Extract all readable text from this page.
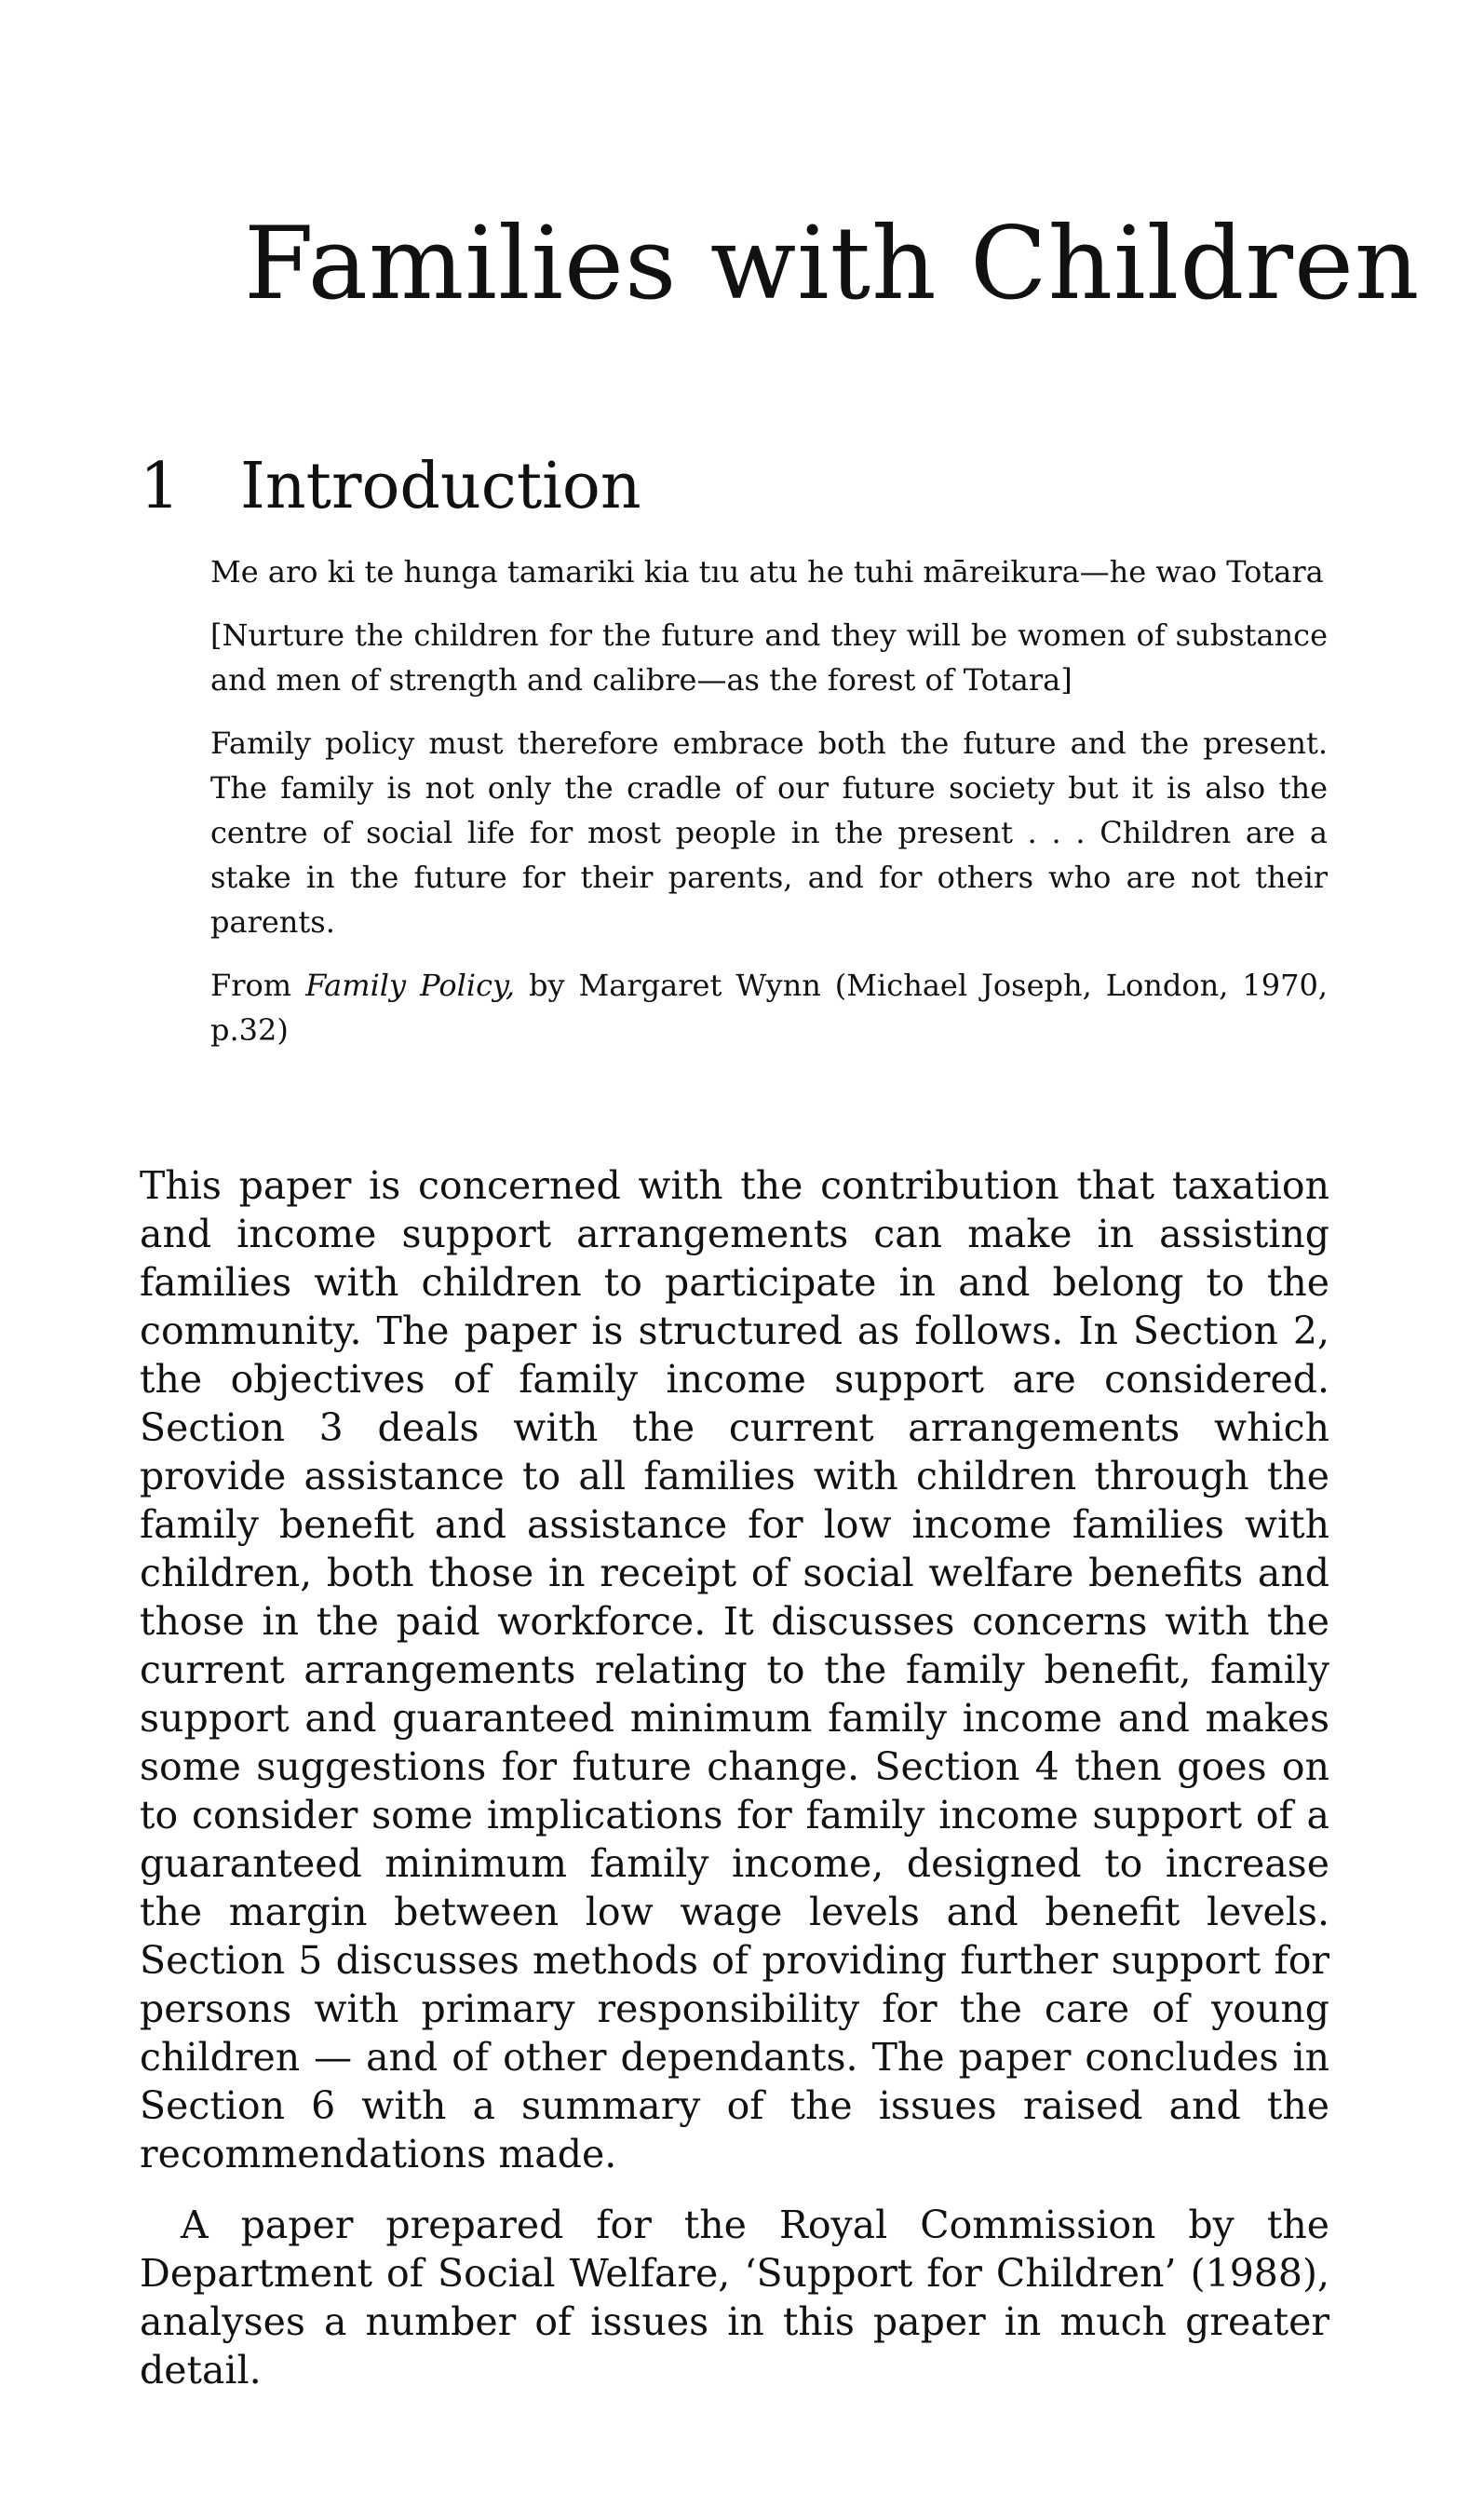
Families with Children
1 Introduction

Me aro ki te hunga tamariki kia tıu atu he tuhi māreikura—he wao Totara

[Nurture the children for the future and they will be women of substance and men of strength and calibre—as the forest of Totara]

Family policy must therefore embrace both the future and the present. The family is not only the cradle of our future society but it is also the centre of social life for most people in the present . . . Children are a stake in the future for their parents, and for others who are not their parents.

From Family Policy, by Margaret Wynn (Michael Joseph, London, 1970, p.32)

This paper is concerned with the contribution that taxation and income support arrangements can make in assisting families with children to participate in and belong to the community. The paper is structured as follows. In Section 2, the objectives of family income support are considered. Section 3 deals with the current arrangements which provide assistance to all families with children through the family benefit and assistance for low income families with children, both those in receipt of social welfare benefits and those in the paid workforce. It discusses concerns with the current arrangements relating to the family benefit, family support and guaranteed minimum family income and makes some suggestions for future change. Section 4 then goes on to consider some implications for family income support of a guaranteed minimum family income, designed to increase the margin between low wage levels and benefit levels. Section 5 discusses methods of providing further support for persons with primary responsibility for the care of young children — and of other dependants. The paper concludes in Section 6 with a summary of the issues raised and the recommendations made.

A paper prepared for the Royal Commission by the Department of Social Welfare, ‘Support for Children’ (1988), analyses a number of issues in this paper in much greater detail.
